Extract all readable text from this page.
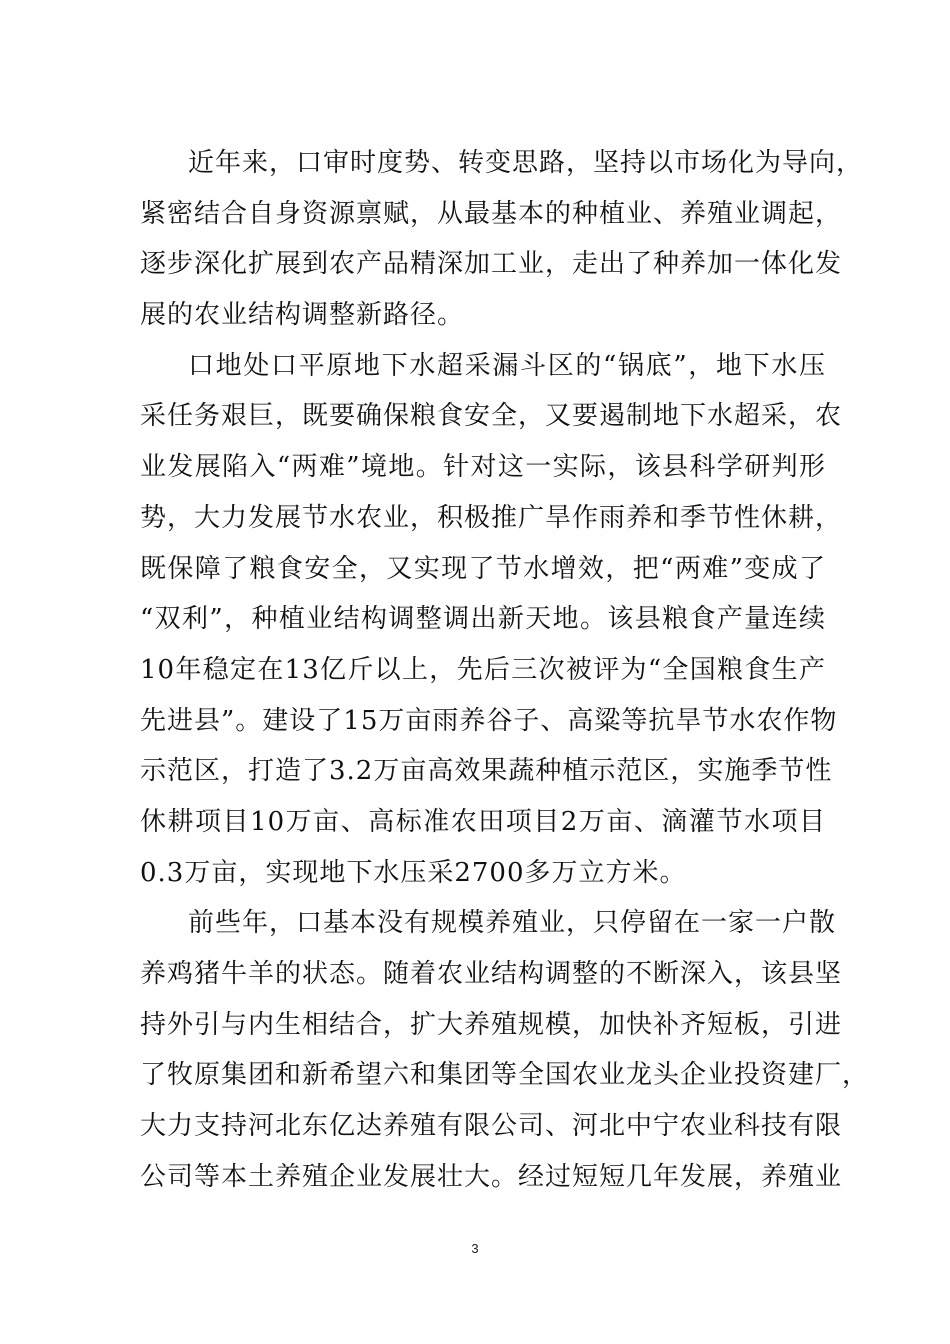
近年来，口审时度势、转变思路，坚持以市场化为导向，
紧密结合自身资源禀赋，从最基本的种植业、养殖业调起，
逐步深化扩展到农产品精深加工业，走出了种养加一体化发
展的农业结构调整新路径。
口地处口平原地下水超采漏斗区的“锅底”，地下水压
采任务艰巨，既要确保粮食安全，又要遏制地下水超采，农
业发展陷入“两难”境地。针对这一实际，该县科学研判形
势，大力发展节水农业，积极推广旱作雨养和季节性休耕，
既保障了粮食安全，又实现了节水增效，把“两难”变成了
“双利”，种植业结构调整调出新天地。该县粮食产量连续
10年稳定在13亿斤以上，先后三次被评为“全国粮食生产
先进县”。建设了15万亩雨养谷子、高粱等抗旱节水农作物
示范区，打造了3.2万亩高效果蔬种植示范区，实施季节性
休耕项目10万亩、高标准农田项目2万亩、滴灌节水项目
0.3万亩，实现地下水压采2700多万立方米。
前些年，口基本没有规模养殖业，只停留在一家一户散
养鸡猪牛羊的状态。随着农业结构调整的不断深入，该县坚
持外引与内生相结合，扩大养殖规模，加快补齐短板，引进
了牧原集团和新希望六和集团等全国农业龙头企业投资建厂，
大力支持河北东亿达养殖有限公司、河北中宁农业科技有限
公司等本土养殖企业发展壮大。经过短短几年发展，养殖业
3
